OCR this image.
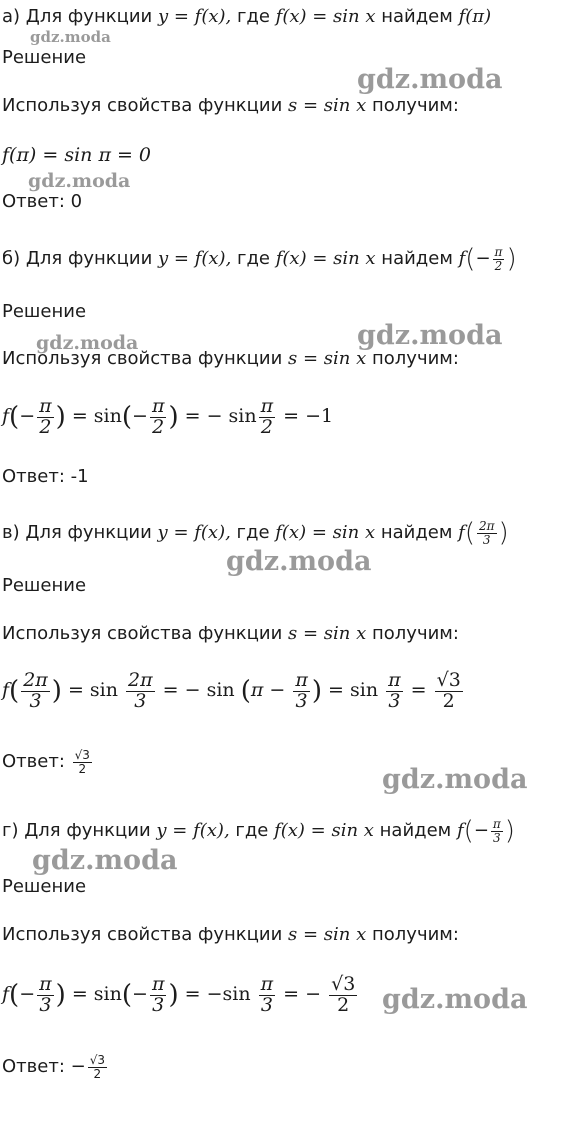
а) Для функции y = f(x), где f(x) = sin x найдем f(π)
gdz.moda
Решение
gdz.moda
Используя свойства функции s = sin x получим:
f(π) = sin π = 0
gdz.moda
Ответ: 0
б) Для функции y = f(x), где f(x) = sin x найдем $f(- \frac{\pi}{2}$ )
Решение
gdz.moda
gdz.moda
Используя свойства функции s = sin x получим:
$f(- \frac{\pi}{2}$ ) = $\sin(- \frac{\pi}{2}$ ) = − $\sin \frac{\pi}{2} = -1$
Ответ: -1
в) Для функции y = f(x), где f(x) = sin x найдем $f( \frac{2\pi}{3}$ )
gdz.moda
Решение
Используя свойства функции s = sin x получим:
$f( \frac{2\pi}{3}$ ) = $\sin \frac{2\pi}{3}$ = − $\sin (\pi - \frac{\pi}{3}$ ) = $\sin \frac{\pi}{3} = \frac{√3}{2}$
Ответ: $\frac{√3}{2}$
gdz.moda
г) Для функции y = f(x), где f(x) = sin x найдем $f(- \frac{\pi}{3}$ )
gdz.moda
Решение
Используя свойства функции s = sin x получим:
$f(- \frac{\pi}{3}$ ) = $\sin(- \frac{\pi}{3}$ ) = $-\sin \frac{\pi}{3}$ = − $\frac{√3}{2}$ gdz.moda
Ответ: − $\frac{√3}{2}$
